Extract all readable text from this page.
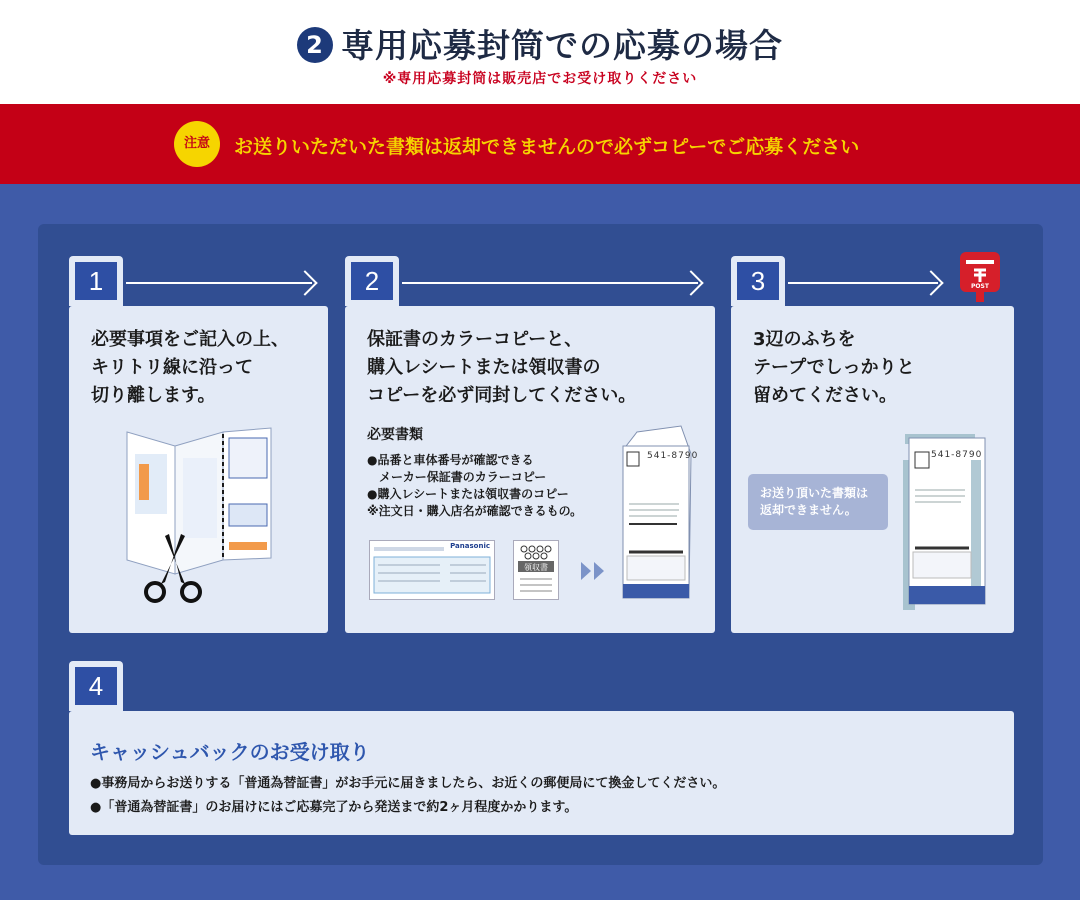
2 専用応募封筒での応募の場合
※専用応募封筒は販売店でお受け取りください
注意	お送りいただいた書類は返却できませんので必ずコピーでご応募ください
1
必要事項をご記入の上、
キリトリ線に沿って
切り離します。
2
保証書のカラーコピーと、
購入レシートまたは領収書の
コピーを必ず同封してください。
必要書類
●品番と車体番号が確認できる
　メーカー保証書のカラーコピー
●購入レシートまたは領収書のコピー
※注文日・購入店名が確認できるもの。
Panasonic
領収書
541-8790
3	POST
3辺のふちを
テープでしっかりと
留めてください。
541-8790
お送り頂いた書類は
返却できません。
4
キャッシュバックのお受け取り
●事務局からお送りする「普通為替証書」がお手元に届きましたら、お近くの郵便局にて換金してください。
●「普通為替証書」のお届けにはご応募完了から発送まで約2ヶ月程度かかります。
